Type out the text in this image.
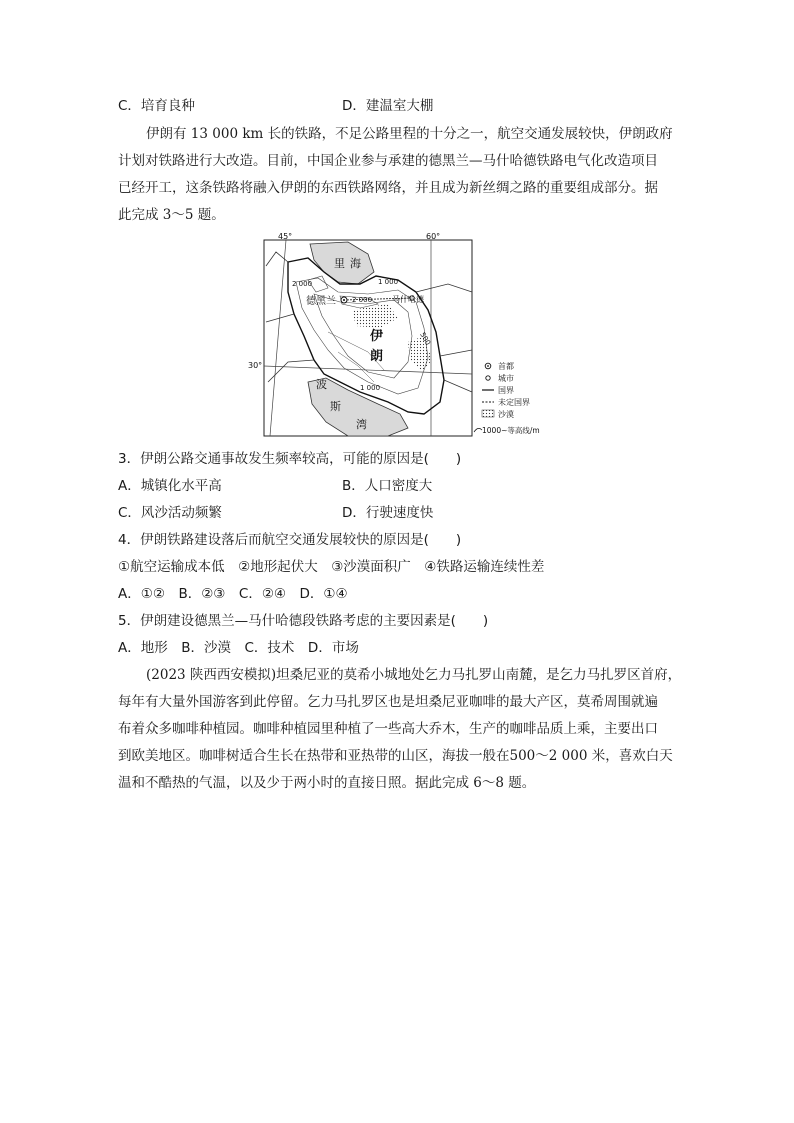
C．培育良种	D．建温室大棚
伊朗有 13 000 km 长的铁路，不足公路里程的十分之一，航空交通发展较快，伊朗政府
计划对铁路进行大改造。目前，中国企业参与承建的德黑兰—马什哈德铁路电气化改造项目
已经开工，这条铁路将融入伊朗的东西铁路网络，并且成为新丝绸之路的重要组成部分。据
此完成 3～5 题。
45°	60°
30°
里 海
波
斯
湾
伊
朗
德黑兰	马什哈德
2 000	1 000
2 000
1 000
500
首都
城市
国界
未定国界
沙漠
1000~等高线/m
3．伊朗公路交通事故发生频率较高，可能的原因是(　　)
A．城镇化水平高	B．人口密度大
C．风沙活动频繁	D．行驶速度快
4．伊朗铁路建设落后而航空交通发展较快的原因是(　　)
①航空运输成本低　②地形起伏大　③沙漠面积广　④铁路运输连续性差
A．①②　B．②③　C．②④　D．①④
5．伊朗建设德黑兰—马什哈德段铁路考虑的主要因素是(　　)
A．地形　B．沙漠　C．技术　D．市场
(2023 陕西西安模拟)坦桑尼亚的莫希小城地处乞力马扎罗山南麓，是乞力马扎罗区首府，
每年有大量外国游客到此停留。乞力马扎罗区也是坦桑尼亚咖啡的最大产区，莫希周围就遍
布着众多咖啡种植园。咖啡种植园里种植了一些高大乔木，生产的咖啡品质上乘，主要出口
到欧美地区。咖啡树适合生长在热带和亚热带的山区，海拔一般在500～2 000 米，喜欢白天
温和不酷热的气温，以及少于两小时的直接日照。据此完成 6～8 题。
